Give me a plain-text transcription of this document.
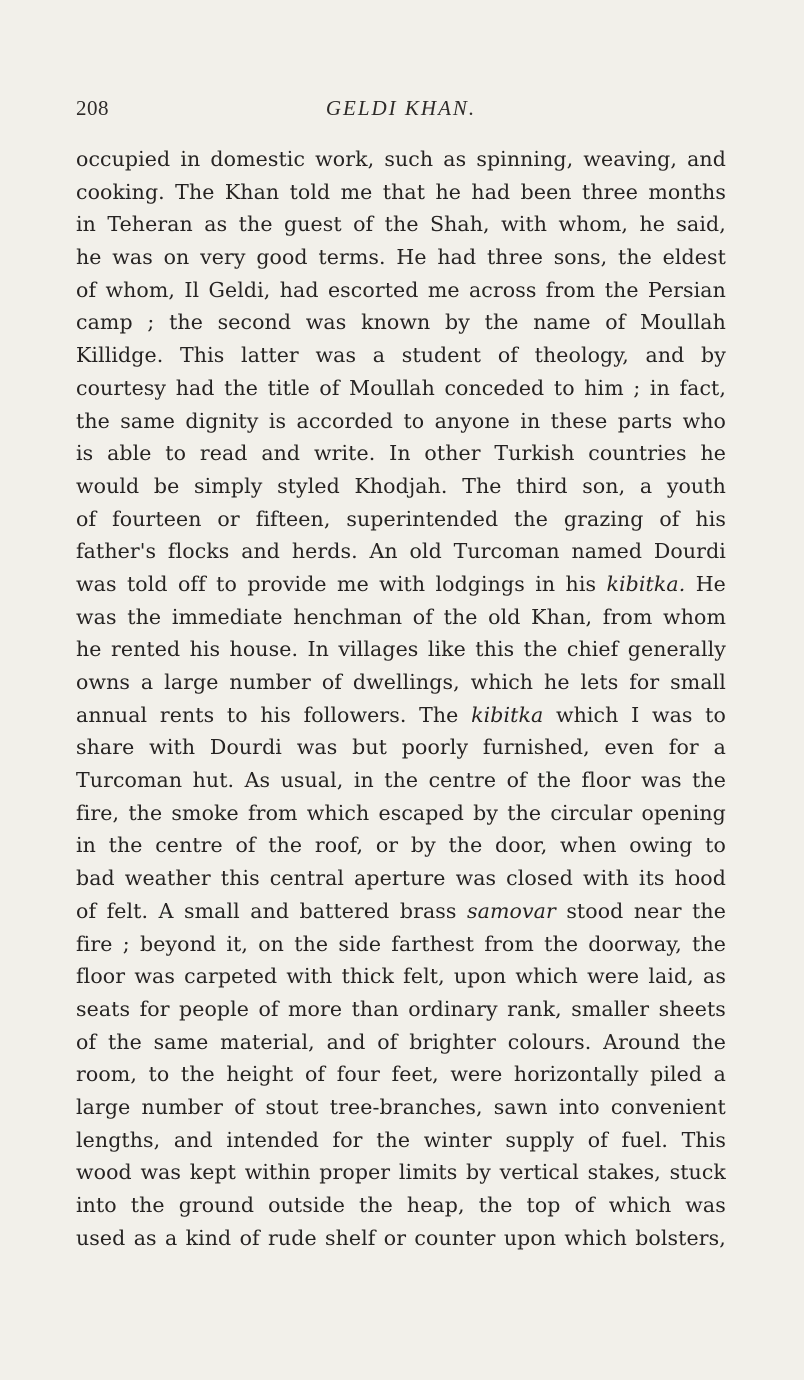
208	GELDI KHAN.
occupied in domestic work, such as spinning, weaving, and
cooking. The Khan told me that he had been three months
in Teheran as the guest of the Shah, with whom, he said,
he was on very good terms. He had three sons, the eldest
of whom, Il Geldi, had escorted me across from the Persian
camp ; the second was known by the name of Moullah
Killidge. This latter was a student of theology, and by
courtesy had the title of Moullah conceded to him ; in fact,
the same dignity is accorded to anyone in these parts who
is able to read and write. In other Turkish countries he
would be simply styled Khodjah. The third son, a youth
of fourteen or fifteen, superintended the grazing of his
father's flocks and herds. An old Turcoman named Dourdi
was told off to provide me with lodgings in his kibitka. He
was the immediate henchman of the old Khan, from whom
he rented his house. In villages like this the chief generally
owns a large number of dwellings, which he lets for small
annual rents to his followers. The kibitka which I was to
share with Dourdi was but poorly furnished, even for a
Turcoman hut. As usual, in the centre of the floor was the
fire, the smoke from which escaped by the circular opening
in the centre of the roof, or by the door, when owing to
bad weather this central aperture was closed with its hood
of felt. A small and battered brass samovar stood near the
fire ; beyond it, on the side farthest from the doorway, the
floor was carpeted with thick felt, upon which were laid, as
seats for people of more than ordinary rank, smaller sheets
of the same material, and of brighter colours. Around the
room, to the height of four feet, were horizontally piled a
large number of stout tree-branches, sawn into convenient
lengths, and intended for the winter supply of fuel. This
wood was kept within proper limits by vertical stakes, stuck
into the ground outside the heap, the top of which was
used as a kind of rude shelf or counter upon which bolsters,
